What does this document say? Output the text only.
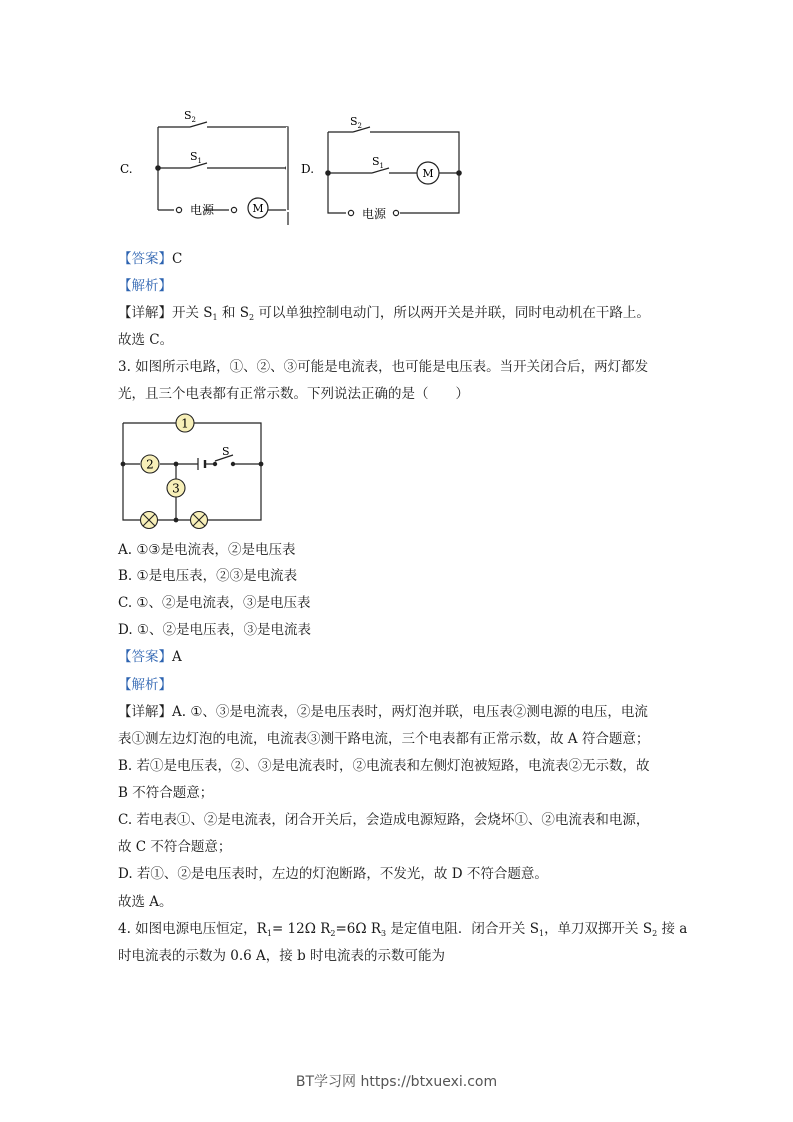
C.
$S_2$
$S_1$
电源	M
D.
$S_2$
$S_1$
电源
M
【答案】C
【解析】
【详解】开关 $S_1$ 和 $S_2$ 可以单独控制电动门，所以两开关是并联，同时电动机在干路上。
故选 C。
3. 如图所示电路，①、②、③可能是电流表，也可能是电压表。当开关闭合后，两灯都发
光，且三个电表都有正常示数。下列说法正确的是（　　）
1
2
3
S
A. ①③是电流表，②是电压表
B. ①是电压表，②③是电流表
C. ①、②是电流表，③是电压表
D. ①、②是电压表，③是电流表
【答案】A
【解析】
【详解】A. ①、③是电流表，②是电压表时，两灯泡并联，电压表②测电源的电压，电流
表①测左边灯泡的电流，电流表③测干路电流，三个电表都有正常示数，故 A 符合题意；
B. 若①是电压表，②、③是电流表时，②电流表和左侧灯泡被短路，电流表②无示数，故
B 不符合题意；
C. 若电表①、②是电流表，闭合开关后，会造成电源短路，会烧坏①、②电流表和电源，
故 C 不符合题意；
D. 若①、②是电压表时，左边的灯泡断路，不发光，故 D 不符合题意。
故选 A。
4. 如图电源电压恒定，$R_1= 12\Omega$ $R_2=6\Omega$ $R_3$ 是定值电阻．闭合开关 $S_1$，单刀双掷开关 $S_2$ 接 a
时电流表的示数为 0.6 A，接 b 时电流表的示数可能为
BT学习网 https://btxuexi.com
